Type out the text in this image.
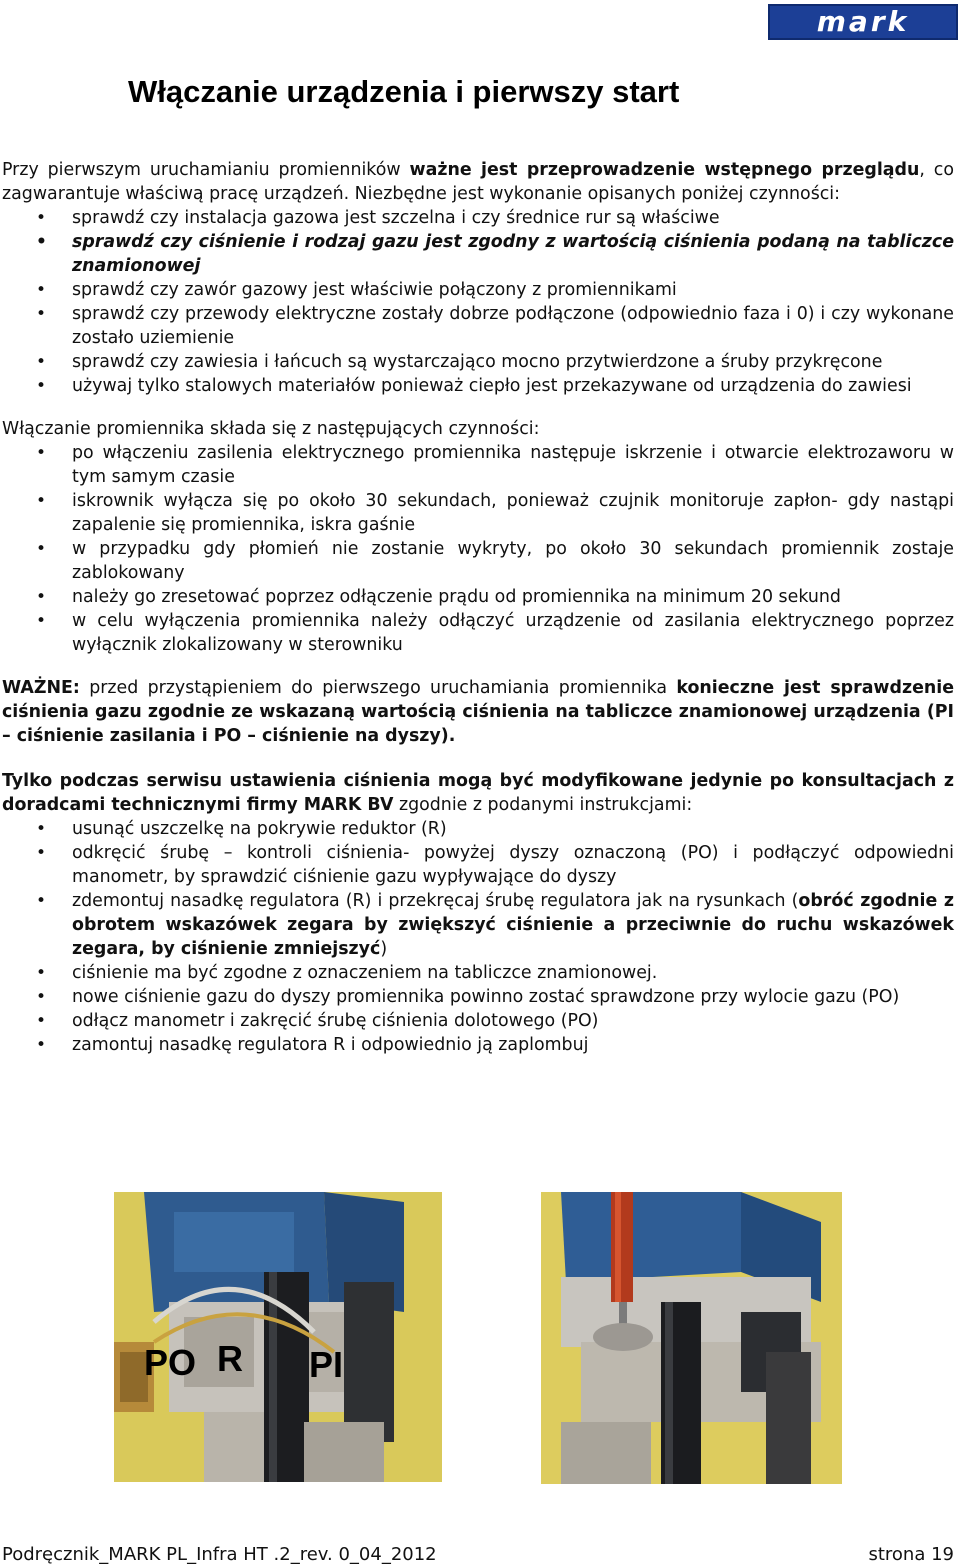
mark
Włączanie urządzenia i pierwszy start

Przy pierwszym uruchamianiu promienników ważne jest przeprowadzenie wstępnego przeglądu, co zagwarantuje właściwą pracę urządzeń. Niezbędne jest wykonanie opisanych poniżej czynności:

• sprawdź czy instalacja gazowa jest szczelna i czy średnice rur są właściwe
• sprawdź czy ciśnienie i rodzaj gazu jest zgodny z wartością ciśnienia podaną na tabliczce znamionowej
• sprawdź czy zawór gazowy jest właściwie połączony z promiennikami
• sprawdź czy przewody elektryczne zostały dobrze podłączone (odpowiednio faza i 0) i czy wykonane zostało uziemienie
• sprawdź czy zawiesia i łańcuch są wystarczająco mocno przytwierdzone a śruby przykręcone
• używaj tylko stalowych materiałów ponieważ ciepło jest przekazywane od urządzenia do zawiesi

Włączanie promiennika składa się z następujących czynności:

• po włączeniu zasilenia elektrycznego promiennika następuje iskrzenie i otwarcie elektrozaworu w tym samym czasie
• iskrownik wyłącza się po około 30 sekundach, ponieważ czujnik monitoruje zapłon- gdy nastąpi zapalenie się promiennika, iskra gaśnie
• w przypadku gdy płomień nie zostanie wykryty, po około 30 sekundach promiennik zostaje zablokowany
• należy go zresetować poprzez odłączenie prądu od promiennika na minimum 20 sekund
• w celu wyłączenia promiennika należy odłączyć urządzenie od zasilania elektrycznego poprzez wyłącznik zlokalizowany w sterowniku

WAŻNE: przed przystąpieniem do pierwszego uruchamiania promiennika konieczne jest sprawdzenie ciśnienia gazu zgodnie ze wskazaną wartością ciśnienia na tabliczce znamionowej urządzenia (PI – ciśnienie zasilania i PO – ciśnienie na dyszy).

Tylko podczas serwisu ustawienia ciśnienia mogą być modyfikowane jedynie po konsultacjach z doradcami technicznymi firmy MARK BV zgodnie z podanymi instrukcjami:

• usunąć uszczelkę na pokrywie reduktor (R)
• odkręcić śrubę – kontroli ciśnienia- powyżej dyszy oznaczoną (PO) i podłączyć odpowiedni manometr, by sprawdzić ciśnienie gazu wypływające do dyszy
• zdemontuj nasadkę regulatora (R) i przekręcaj śrubę regulatora jak na rysunkach (obróć zgodnie z obrotem wskazówek zegara by zwiększyć ciśnienie a przeciwnie do ruchu wskazówek zegara, by ciśnienie zmniejszyć)
• ciśnienie ma być zgodne z oznaczeniem na tabliczce znamionowej.
• nowe ciśnienie gazu do dyszy promiennika powinno zostać sprawdzone przy wylocie gazu (PO)
• odłącz manometr i zakręcić śrubę ciśnienia dolotowego (PO)
• zamontuj nasadkę regulatora R i odpowiednio ją zaplombuj
PO R PI
Podręcznik_MARK PL_Infra HT .2_rev. 0_04_2012	strona 19
